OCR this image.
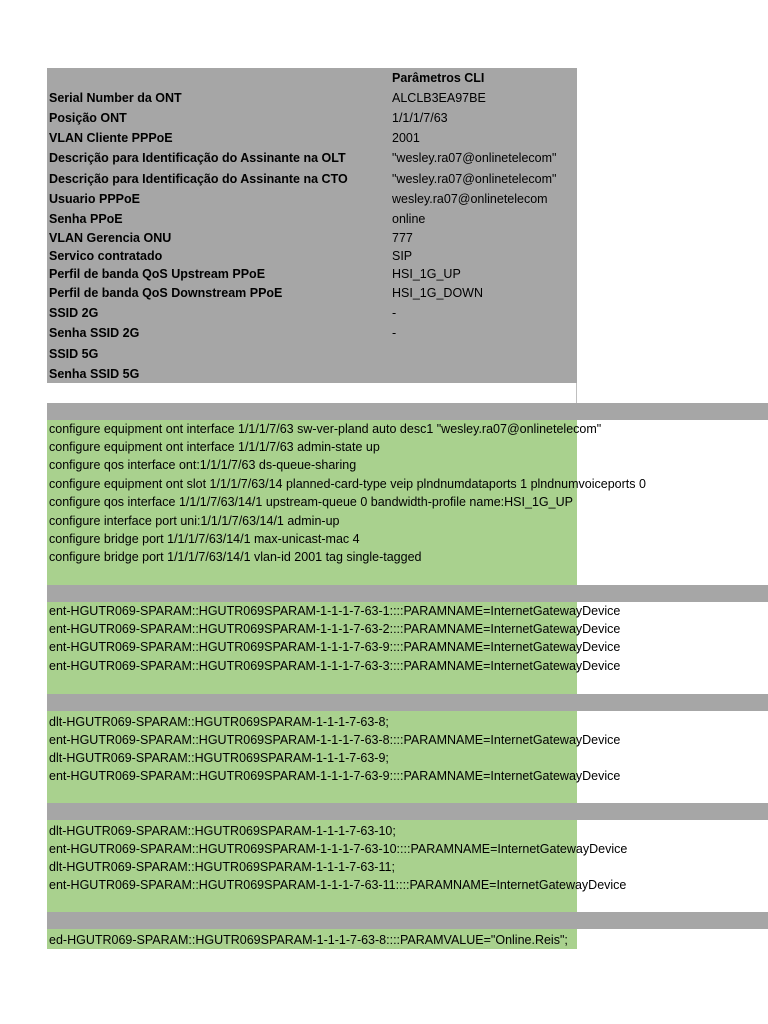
Parâmetros CLI
Serial Number da ONT	ALCLB3EA97BE
Posição ONT	1/1/1/7/63
VLAN Cliente PPPoE	2001
Descrição para Identificação do Assinante na OLT	"wesley.ra07@onlinetelecom"
Descrição para Identificação do Assinante na CTO	"wesley.ra07@onlinetelecom"
Usuario PPPoE	wesley.ra07@onlinetelecom
Senha PPoE	online
VLAN Gerencia ONU	777
Servico contratado	SIP
Perfil de banda QoS Upstream PPoE	HSI_1G_UP
Perfil de banda QoS Downstream PPoE	HSI_1G_DOWN
SSID 2G	-
Senha SSID 2G	-
SSID 5G
Senha SSID 5G
configure equipment ont interface 1/1/1/7/63 sw-ver-pland auto desc1 "wesley.ra07@onlinetelecom"
configure equipment ont interface 1/1/1/7/63 admin-state up
configure qos interface ont:1/1/1/7/63 ds-queue-sharing
configure equipment ont slot 1/1/1/7/63/14 planned-card-type veip plndnumdataports 1 plndnumvoiceports 0
configure qos interface 1/1/1/7/63/14/1 upstream-queue 0 bandwidth-profile name:HSI_1G_UP
configure interface port uni:1/1/1/7/63/14/1 admin-up
configure bridge port 1/1/1/7/63/14/1 max-unicast-mac 4
configure bridge port 1/1/1/7/63/14/1 vlan-id 2001 tag single-tagged
ent-HGUTR069-SPARAM::HGUTR069SPARAM-1-1-1-7-63-1::::PARAMNAME=InternetGatewayDevice
ent-HGUTR069-SPARAM::HGUTR069SPARAM-1-1-1-7-63-2::::PARAMNAME=InternetGatewayDevice
ent-HGUTR069-SPARAM::HGUTR069SPARAM-1-1-1-7-63-9::::PARAMNAME=InternetGatewayDevice
ent-HGUTR069-SPARAM::HGUTR069SPARAM-1-1-1-7-63-3::::PARAMNAME=InternetGatewayDevice
dlt-HGUTR069-SPARAM::HGUTR069SPARAM-1-1-1-7-63-8;
ent-HGUTR069-SPARAM::HGUTR069SPARAM-1-1-1-7-63-8::::PARAMNAME=InternetGatewayDevice
dlt-HGUTR069-SPARAM::HGUTR069SPARAM-1-1-1-7-63-9;
ent-HGUTR069-SPARAM::HGUTR069SPARAM-1-1-1-7-63-9::::PARAMNAME=InternetGatewayDevice
dlt-HGUTR069-SPARAM::HGUTR069SPARAM-1-1-1-7-63-10;
ent-HGUTR069-SPARAM::HGUTR069SPARAM-1-1-1-7-63-10::::PARAMNAME=InternetGatewayDevice
dlt-HGUTR069-SPARAM::HGUTR069SPARAM-1-1-1-7-63-11;
ent-HGUTR069-SPARAM::HGUTR069SPARAM-1-1-1-7-63-11::::PARAMNAME=InternetGatewayDevice
ed-HGUTR069-SPARAM::HGUTR069SPARAM-1-1-1-7-63-8::::PARAMVALUE="Online.Reis";
